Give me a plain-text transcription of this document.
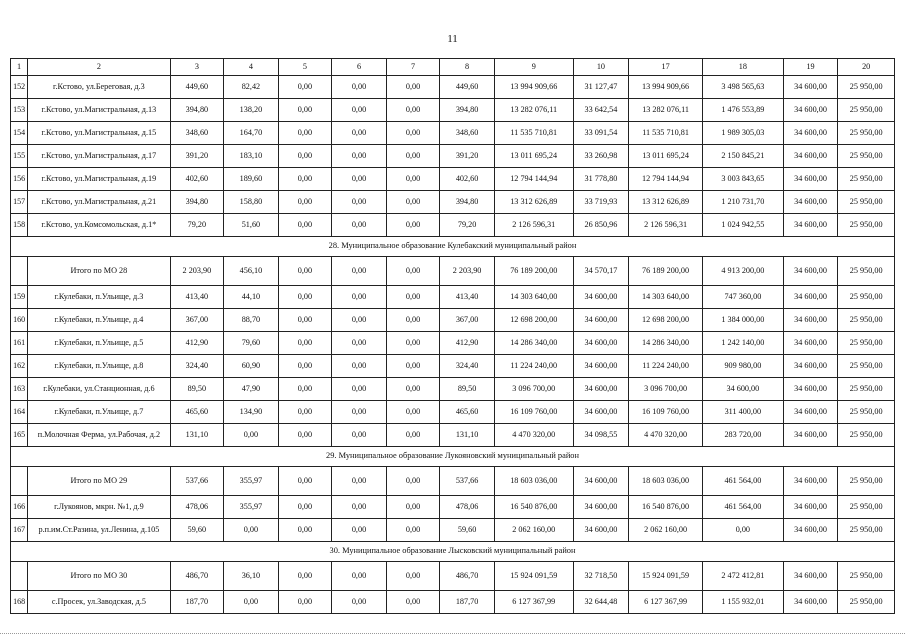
11
1	2	3	4	5	6	7	8	9	10	17	18	19	20
152	г.Кстово, ул.Береговая, д.3	449,60	82,42	0,00	0,00	0,00	449,60	13 994 909,66	31 127,47	13 994 909,66	3 498 565,63	34 600,00	25 950,00
153	г.Кстово, ул.Магистральная, д.13	394,80	138,20	0,00	0,00	0,00	394,80	13 282 076,11	33 642,54	13 282 076,11	1 476 553,89	34 600,00	25 950,00
154	г.Кстово, ул.Магистральная, д.15	348,60	164,70	0,00	0,00	0,00	348,60	11 535 710,81	33 091,54	11 535 710,81	1 989 305,03	34 600,00	25 950,00
155	г.Кстово, ул.Магистральная, д.17	391,20	183,10	0,00	0,00	0,00	391,20	13 011 695,24	33 260,98	13 011 695,24	2 150 845,21	34 600,00	25 950,00
156	г.Кстово, ул.Магистральная, д.19	402,60	189,60	0,00	0,00	0,00	402,60	12 794 144,94	31 778,80	12 794 144,94	3 003 843,65	34 600,00	25 950,00
157	г.Кстово, ул.Магистральная, д.21	394,80	158,80	0,00	0,00	0,00	394,80	13 312 626,89	33 719,93	13 312 626,89	1 210 731,70	34 600,00	25 950,00
158	г.Кстово, ул.Комсомольская, д.1*	79,20	51,60	0,00	0,00	0,00	79,20	2 126 596,31	26 850,96	2 126 596,31	1 024 942,55	34 600,00	25 950,00
28. Муниципальное образование Кулебакский муниципальный район													
	Итого по МО 28	2 203,90	456,10	0,00	0,00	0,00	2 203,90	76 189 200,00	34 570,17	76 189 200,00	4 913 200,00	34 600,00	25 950,00
159	г.Кулебаки, п.Ульище, д.3	413,40	44,10	0,00	0,00	0,00	413,40	14 303 640,00	34 600,00	14 303 640,00	747 360,00	34 600,00	25 950,00
160	г.Кулебаки, п.Ульище, д.4	367,00	88,70	0,00	0,00	0,00	367,00	12 698 200,00	34 600,00	12 698 200,00	1 384 000,00	34 600,00	25 950,00
161	г.Кулебаки, п.Ульище, д.5	412,90	79,60	0,00	0,00	0,00	412,90	14 286 340,00	34 600,00	14 286 340,00	1 242 140,00	34 600,00	25 950,00
162	г.Кулебаки, п.Ульище, д.8	324,40	60,90	0,00	0,00	0,00	324,40	11 224 240,00	34 600,00	11 224 240,00	909 980,00	34 600,00	25 950,00
163	г.Кулебаки, ул.Станционная, д.6	89,50	47,90	0,00	0,00	0,00	89,50	3 096 700,00	34 600,00	3 096 700,00	34 600,00	34 600,00	25 950,00
164	г.Кулебаки, п.Ульище, д.7	465,60	134,90	0,00	0,00	0,00	465,60	16 109 760,00	34 600,00	16 109 760,00	311 400,00	34 600,00	25 950,00
165	п.Молочная Ферма, ул.Рабочая, д.2	131,10	0,00	0,00	0,00	0,00	131,10	4 470 320,00	34 098,55	4 470 320,00	283 720,00	34 600,00	25 950,00
29. Муниципальное образование Лукояновский муниципальный район													
	Итого по МО 29	537,66	355,97	0,00	0,00	0,00	537,66	18 603 036,00	34 600,00	18 603 036,00	461 564,00	34 600,00	25 950,00
166	г.Лукоянов, мкрн. №1, д.9	478,06	355,97	0,00	0,00	0,00	478,06	16 540 876,00	34 600,00	16 540 876,00	461 564,00	34 600,00	25 950,00
167	р.п.им.Ст.Разина, ул.Ленина, д.105	59,60	0,00	0,00	0,00	0,00	59,60	2 062 160,00	34 600,00	2 062 160,00	0,00	34 600,00	25 950,00
30. Муниципальное образование Лысковский муниципальный район													
	Итого по МО 30	486,70	36,10	0,00	0,00	0,00	486,70	15 924 091,59	32 718,50	15 924 091,59	2 472 412,81	34 600,00	25 950,00
168	с.Просек, ул.Заводская, д.5	187,70	0,00	0,00	0,00	0,00	187,70	6 127 367,99	32 644,48	6 127 367,99	1 155 932,01	34 600,00	25 950,00
